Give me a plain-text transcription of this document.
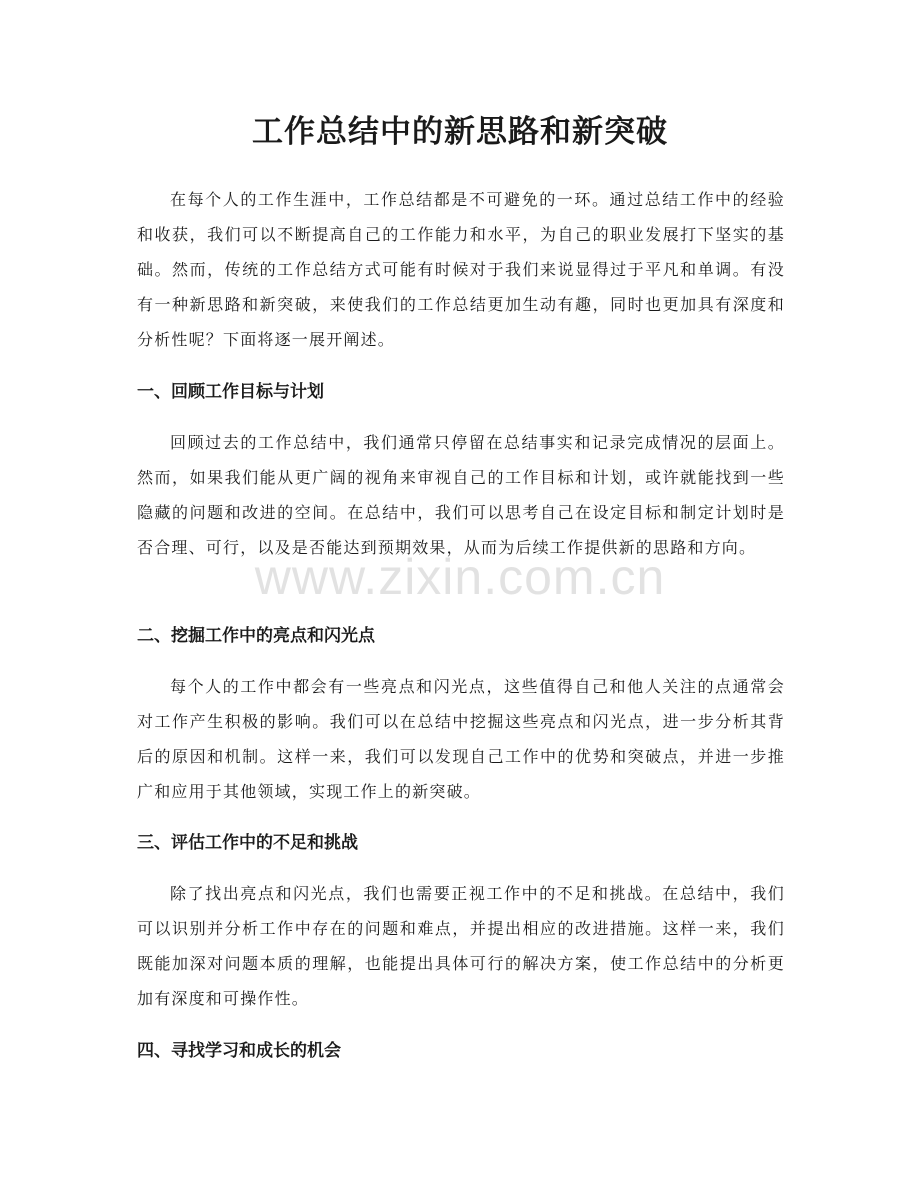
工作总结中的新思路和新突破

在每个人的工作生涯中，工作总结都是不可避免的一环。通过总结工作中的经验和收获，我们可以不断提高自己的工作能力和水平，为自己的职业发展打下坚实的基础。然而，传统的工作总结方式可能有时候对于我们来说显得过于平凡和单调。有没有一种新思路和新突破，来使我们的工作总结更加生动有趣，同时也更加具有深度和分析性呢？下面将逐一展开阐述。

一、回顾工作目标与计划

回顾过去的工作总结中，我们通常只停留在总结事实和记录完成情况的层面上。然而，如果我们能从更广阔的视角来审视自己的工作目标和计划，或许就能找到一些隐藏的问题和改进的空间。在总结中，我们可以思考自己在设定目标和制定计划时是否合理、可行，以及是否能达到预期效果，从而为后续工作提供新的思路和方向。

二、挖掘工作中的亮点和闪光点

每个人的工作中都会有一些亮点和闪光点，这些值得自己和他人关注的点通常会对工作产生积极的影响。我们可以在总结中挖掘这些亮点和闪光点，进一步分析其背后的原因和机制。这样一来，我们可以发现自己工作中的优势和突破点，并进一步推广和应用于其他领域，实现工作上的新突破。

三、评估工作中的不足和挑战

除了找出亮点和闪光点，我们也需要正视工作中的不足和挑战。在总结中，我们可以识别并分析工作中存在的问题和难点，并提出相应的改进措施。这样一来，我们既能加深对问题本质的理解，也能提出具体可行的解决方案，使工作总结中的分析更加有深度和可操作性。

四、寻找学习和成长的机会
www.zixin.com.cn
